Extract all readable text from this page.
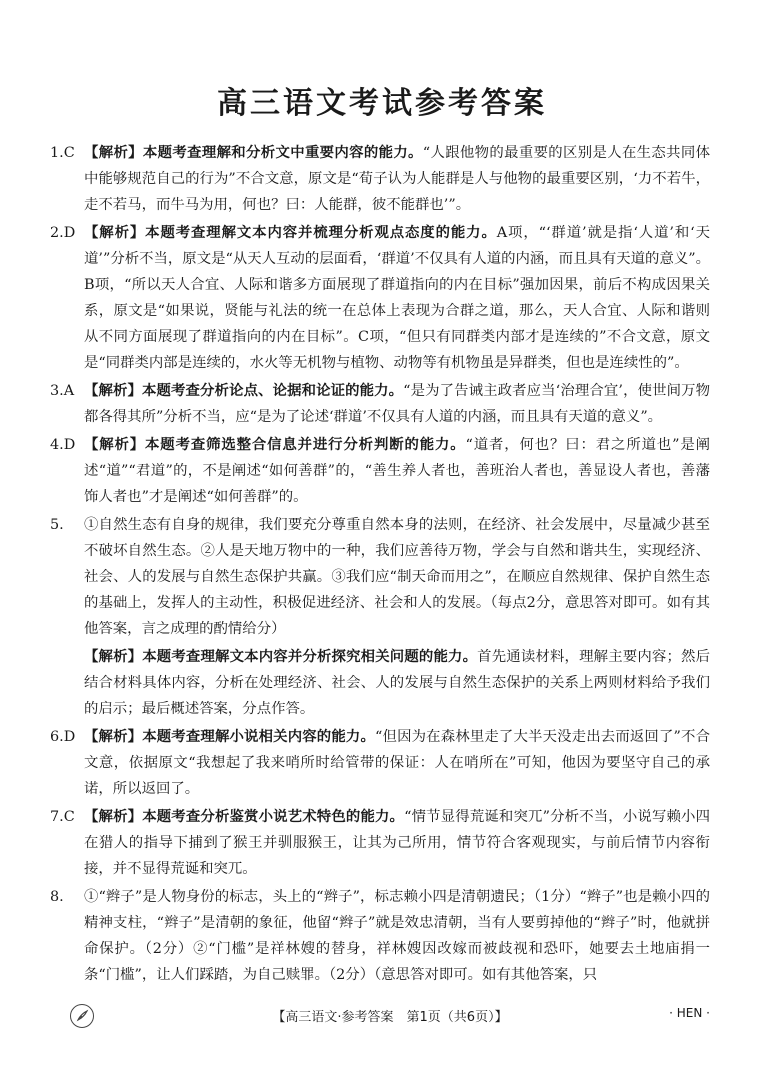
高三语文考试参考答案

1.C 【解析】本题考查理解和分析文中重要内容的能力。“人跟他物的最重要的区别是人在生态共同体中能够规范自己的行为”不合文意，原文是“荀子认为人能群是人与他物的最重要区别，‘力不若牛，走不若马，而牛马为用，何也？曰：人能群，彼不能群也’”。

2.D 【解析】本题考查理解文本内容并梳理分析观点态度的能力。A项，“‘群道’就是指‘人道’和‘天道’”分析不当，原文是“从天人互动的层面看，‘群道’不仅具有人道的内涵，而且具有天道的意义”。B项，“所以天人合宜、人际和谐多方面展现了群道指向的内在目标”强加因果，前后不构成因果关系，原文是“如果说，贤能与礼法的统一在总体上表现为合群之道，那么，天人合宜、人际和谐则从不同方面展现了群道指向的内在目标”。C项，“但只有同群类内部才是连续的”不合文意，原文是“同群类内部是连续的，水火等无机物与植物、动物等有机物虽是异群类，但也是连续性的”。

3.A 【解析】本题考查分析论点、论据和论证的能力。“是为了告诫主政者应当‘治理合宜’，使世间万物都各得其所”分析不当，应“是为了论述‘群道’不仅具有人道的内涵，而且具有天道的意义”。

4.D 【解析】本题考查筛选整合信息并进行分析判断的能力。“道者，何也？曰：君之所道也”是阐述“道”“君道”的，不是阐述“如何善群”的，“善生养人者也，善班治人者也，善显设人者也，善藩饰人者也”才是阐述“如何善群”的。

5. ①自然生态有自身的规律，我们要充分尊重自然本身的法则，在经济、社会发展中，尽量减少甚至不破坏自然生态。②人是天地万物中的一种，我们应善待万物，学会与自然和谐共生，实现经济、社会、人的发展与自然生态保护共赢。③我们应“制天命而用之”，在顺应自然规律、保护自然生态的基础上，发挥人的主动性，积极促进经济、社会和人的发展。（每点2分，意思答对即可。如有其他答案，言之成理的酌情给分）

【解析】本题考查理解文本内容并分析探究相关问题的能力。首先通读材料，理解主要内容；然后结合材料具体内容，分析在处理经济、社会、人的发展与自然生态保护的关系上两则材料给予我们的启示；最后概述答案，分点作答。

6.D 【解析】本题考查理解小说相关内容的能力。“但因为在森林里走了大半天没走出去而返回了”不合文意，依据原文“我想起了我来哨所时给管带的保证：人在哨所在”可知，他因为要坚守自己的承诺，所以返回了。

7.C 【解析】本题考查分析鉴赏小说艺术特色的能力。“情节显得荒诞和突兀”分析不当，小说写赖小四在猎人的指导下捕到了猴王并驯服猴王，让其为己所用，情节符合客观现实，与前后情节内容衔接，并不显得荒诞和突兀。

8. ①“辫子”是人物身份的标志，头上的“辫子”，标志赖小四是清朝遗民；（1分）“辫子”也是赖小四的精神支柱，“辫子”是清朝的象征，他留“辫子”就是效忠清朝，当有人要剪掉他的“辫子”时，他就拼命保护。（2分）②“门槛”是祥林嫂的替身，祥林嫂因改嫁而被歧视和恐吓，她要去土地庙捐一条“门槛”，让人们踩踏，为自己赎罪。（2分）（意思答对即可。如有其他答案，只

【高三语文·参考答案　第1页（共6页）】	· HEN ·
